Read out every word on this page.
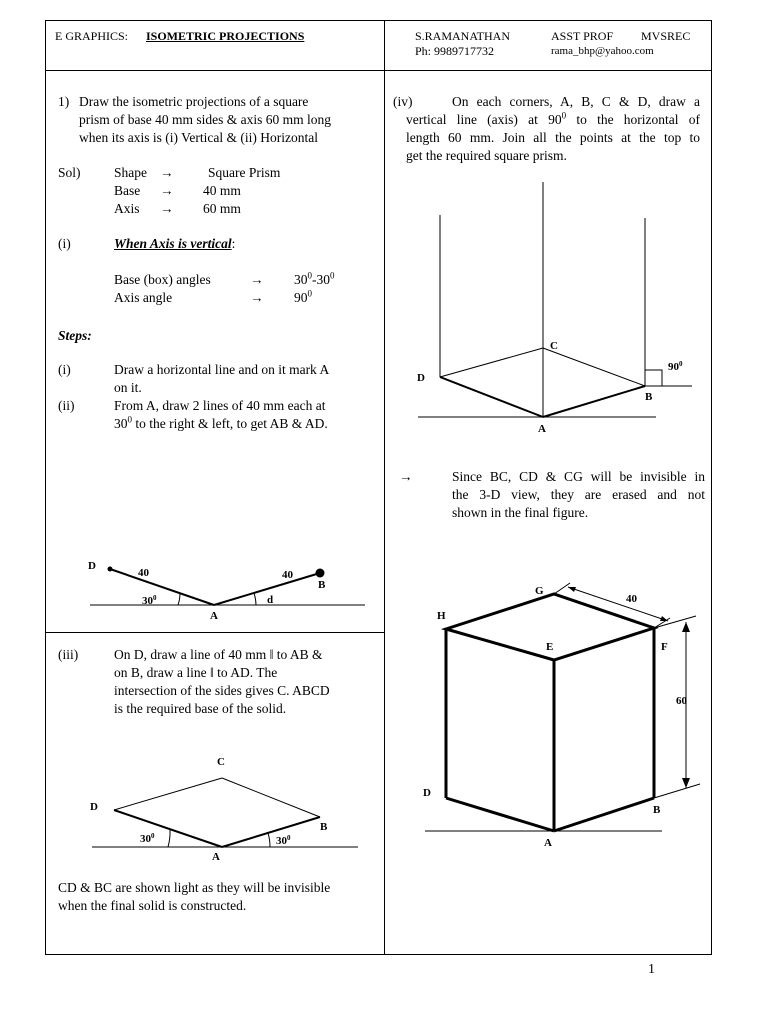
E GRAPHICS: ISOMETRIC PROJECTIONS	S.RAMANATHAN	ASST PROF MVSREC
Ph: 9989717732	rama_bhp@yahoo.com
1) Draw the isometric projections of a square
prism of base 40 mm sides & axis 60 mm long
when its axis is (i) Vertical & (ii) Horizontal
Sol) Shape →	Square Prism
Base → 40 mm
Axis → 60 mm
(i)	When Axis is vertical:
Base (box) angles	→ $30^0-30^0$
Axis angle	→ $90^0$
Steps:
(i)	Draw a horizontal line and on it mark A
on it.
(ii)	From A, draw 2 lines of 40 mm each at
$30^0$ to the right & left, to get AB & AD.
D
40	40
B
$30^0$	d
A
(iii)	On D, draw a line of 40 mm ‖ to AB &
on B, draw a line ‖ to AD. The
intersection of the sides gives C. ABCD
is the required base of the solid.
C
D
B
$30^0$	$30^0$
A
CD & BC are shown light as they will be invisible
when the final solid is constructed.
(iv)	On each corners, A, B, C & D, draw a
vertical line (axis) at $90^0$ to the horizontal of
length 60 mm. Join all the points at the top to
get the required square prism.
C
D
B
A
$90^0$
→	Since BC, CD & CG will be invisible in
the 3-D view, they are erased and not
shown in the final figure.
G
H
E	F
40
60
D
B
A
1
